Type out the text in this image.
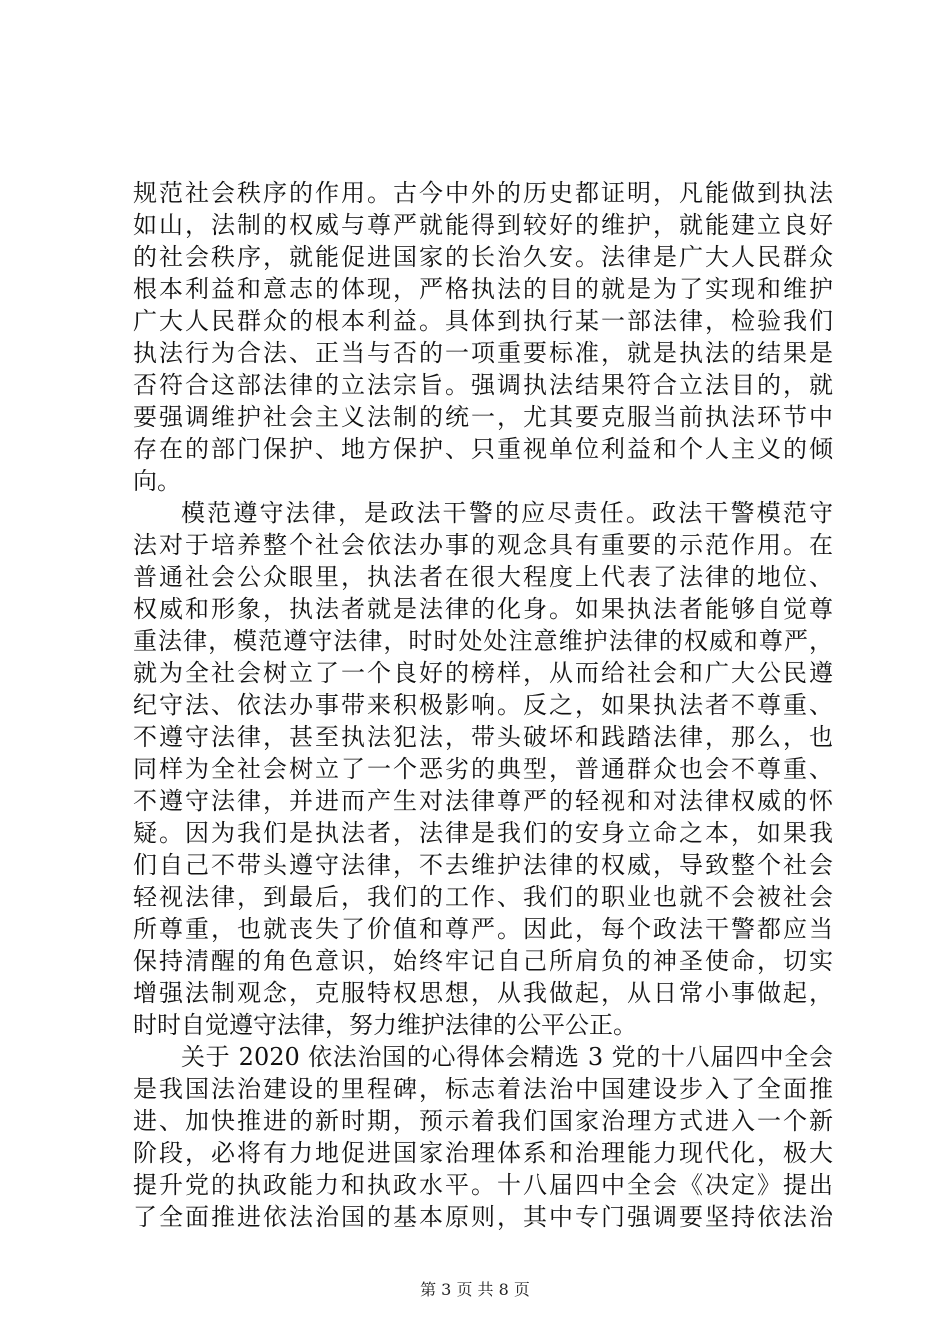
规范社会秩序的作用。古今中外的历史都证明，凡能做到执法
如山，法制的权威与尊严就能得到较好的维护，就能建立良好
的社会秩序，就能促进国家的长治久安。法律是广大人民群众
根本利益和意志的体现，严格执法的目的就是为了实现和维护
广大人民群众的根本利益。具体到执行某一部法律，检验我们
执法行为合法、正当与否的一项重要标准，就是执法的结果是
否符合这部法律的立法宗旨。强调执法结果符合立法目的，就
要强调维护社会主义法制的统一，尤其要克服当前执法环节中
存在的部门保护、地方保护、只重视单位利益和个人主义的倾
向。
模范遵守法律，是政法干警的应尽责任。政法干警模范守
法对于培养整个社会依法办事的观念具有重要的示范作用。在
普通社会公众眼里，执法者在很大程度上代表了法律的地位、
权威和形象，执法者就是法律的化身。如果执法者能够自觉尊
重法律，模范遵守法律，时时处处注意维护法律的权威和尊严，
就为全社会树立了一个良好的榜样，从而给社会和广大公民遵
纪守法、依法办事带来积极影响。反之，如果执法者不尊重、
不遵守法律，甚至执法犯法，带头破坏和践踏法律，那么，也
同样为全社会树立了一个恶劣的典型，普通群众也会不尊重、
不遵守法律，并进而产生对法律尊严的轻视和对法律权威的怀
疑。因为我们是执法者，法律是我们的安身立命之本，如果我
们自己不带头遵守法律，不去维护法律的权威，导致整个社会
轻视法律，到最后，我们的工作、我们的职业也就不会被社会
所尊重，也就丧失了价值和尊严。因此，每个政法干警都应当
保持清醒的角色意识，始终牢记自己所肩负的神圣使命，切实
增强法制观念，克服特权思想，从我做起，从日常小事做起，
时时自觉遵守法律，努力维护法律的公平公正。
关于 2020 依法治国的心得体会精选 3 党的十八届四中全会
是我国法治建设的里程碑，标志着法治中国建设步入了全面推
进、加快推进的新时期，预示着我们国家治理方式进入一个新
阶段，必将有力地促进国家治理体系和治理能力现代化，极大
提升党的执政能力和执政水平。十八届四中全会《决定》提出
了全面推进依法治国的基本原则，其中专门强调要坚持依法治
第 3 页 共 8 页
